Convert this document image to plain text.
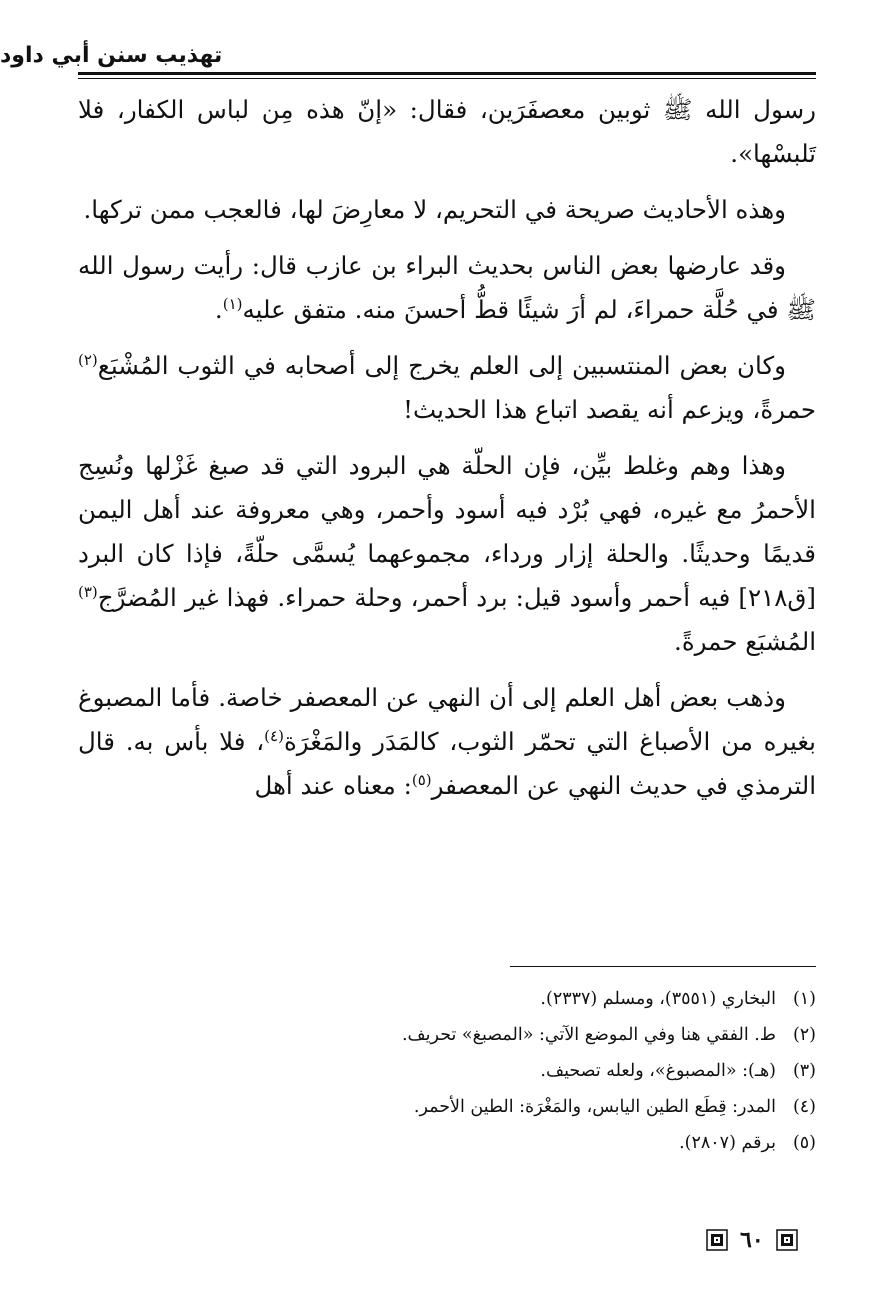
تهذيب سنن أبي داود

رسول الله ﷺ ثوبين معصفَرَين، فقال: «إنّ هذه مِن لباس الكفار، فلا تَلبسْها».

وهذه الأحاديث صريحة في التحريم، لا معارِضَ لها، فالعجب ممن تركها.

وقد عارضها بعض الناس بحديث البراء بن عازب قال: رأيت رسول الله ﷺ في حُلَّة حمراءَ، لم أرَ شيئًا قطُّ أحسنَ منه. متفق عليه$^{(١)}$.

وكان بعض المنتسبين إلى العلم يخرج إلى أصحابه في الثوب المُشْبَع$^{(٢)}$ حمرةً، ويزعم أنه يقصد اتباع هذا الحديث!

وهذا وهم وغلط بيِّن، فإن الحلّة هي البرود التي قد صبغ غَزْلها ونُسِج الأحمرُ مع غيره، فهي بُرْد فيه أسود وأحمر، وهي معروفة عند أهل اليمن قديمًا وحديثًا. والحلة إزار ورداء، مجموعهما يُسمَّى حلّةً، فإذا كان البرد [ق٢١٨] فيه أحمر وأسود قيل: برد أحمر، وحلة حمراء. فهذا غير المُضرَّج$^{(٣)}$ المُشبَع حمرةً.

وذهب بعض أهل العلم إلى أن النهي عن المعصفر خاصة. فأما المصبوغ بغيره من الأصباغ التي تحمّر الثوب، كالمَدَر والمَغْرَة$^{(٤)}$، فلا بأس به. قال الترمذي في حديث النهي عن المعصفر$^{(٥)}$: معناه عند أهل

(١)
البخاري (٣٥٥١)، ومسلم (٢٣٣٧).
(٢)
ط. الفقي هنا وفي الموضع الآتي: «المصبغ» تحريف.
(٣)
(هـ): «المصبوغ»، ولعله تصحيف.
(٤)
المدر: قِطَع الطين اليابس، والمَغْرَة: الطين الأحمر.
(٥)
برقم (٢٨٠٧).
٦٠
